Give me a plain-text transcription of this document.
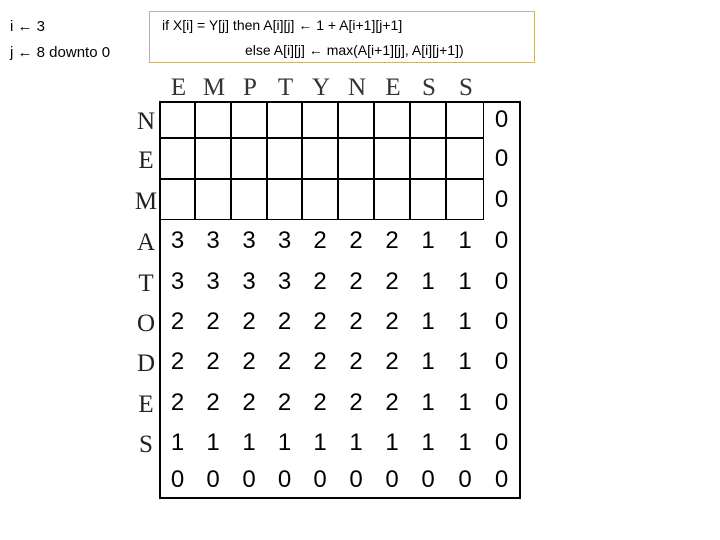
i ← 3
j ← 8 downto 0
if X[i] = Y[j] then A[i][j] ← 1 + A[i+1][j+1]
else A[i][j] ← max(A[i+1][j], A[i][j+1])
E M P T Y N E S S
N
E
M
A
T
O
D
E
S
0
0
0
3 3 3 3 2 2 2 1 1 0
3 3 3 3 2 2 2 1 1 0
2 2 2 2 2 2 2 1 1 0
2 2 2 2 2 2 2 1 1 0
2 2 2 2 2 2 2 1 1 0
1 1 1 1 1 1 1 1 1 0
0 0 0 0 0 0 0 0 0 0
